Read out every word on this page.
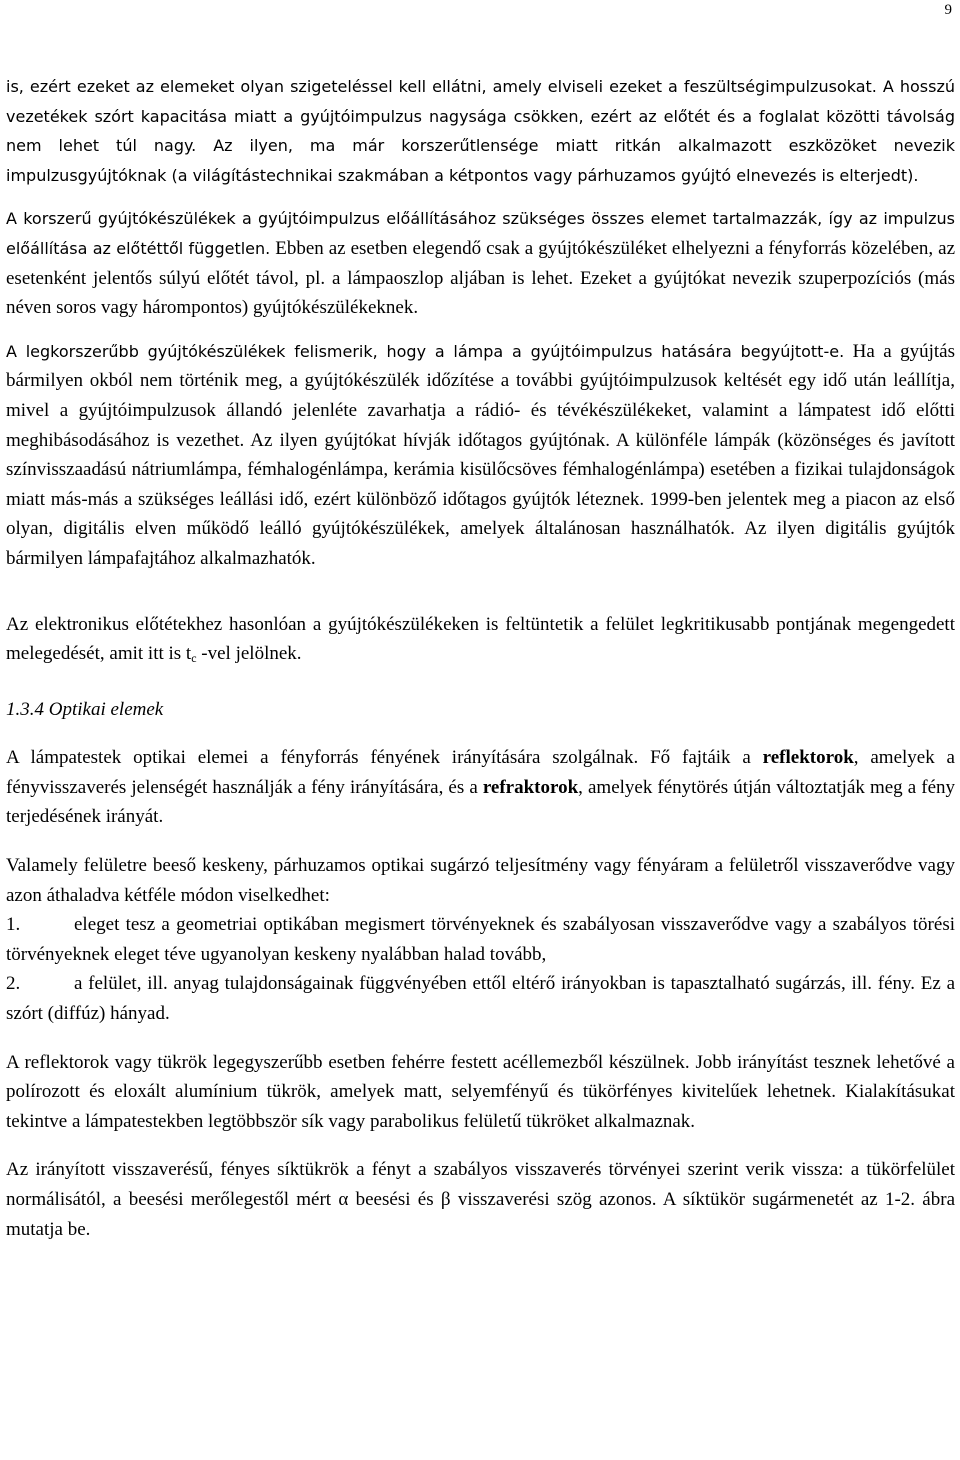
9

is, ezért ezeket az elemeket olyan szigeteléssel kell ellátni, amely elviseli ezeket a feszültségimpulzusokat. A hosszú vezetékek szórt kapacitása miatt a gyújtóimpulzus nagysága csökken, ezért az előtét és a foglalat közötti távolság nem lehet túl nagy. Az ilyen, ma már korszerűtlensége miatt ritkán alkalmazott eszközöket nevezik impulzusgyújtóknak (a világítástechnikai szakmában a kétpontos vagy párhuzamos gyújtó elnevezés is elterjedt).

A korszerű gyújtókészülékek a gyújtóimpulzus előállításához szükséges összes elemet tartalmazzák, így az impulzus előállítása az előtéttől független. Ebben az esetben elegendő csak a gyújtókészüléket elhelyezni a fényforrás közelében, az esetenként jelentős súlyú előtét távol, pl. a lámpaoszlop aljában is lehet. Ezeket a gyújtókat nevezik szuperpozíciós (más néven soros vagy hárompontos) gyújtókészülékeknek.

A legkorszerűbb gyújtókészülékek felismerik, hogy a lámpa a gyújtóimpulzus hatására begyújtott-e. Ha a gyújtás bármilyen okból nem történik meg, a gyújtókészülék időzítése a további gyújtóimpulzusok keltését egy idő után leállítja, mivel a gyújtóimpulzusok állandó jelenléte zavarhatja a rádió- és tévékészülékeket, valamint a lámpatest idő előtti meghibásodásához is vezethet. Az ilyen gyújtókat hívják időtagos gyújtónak. A különféle lámpák (közönséges és javított színvisszaadású nátriumlámpa, fémhalogénlámpa, kerámia kisülőcsöves fémhalogénlámpa) esetében a fizikai tulajdonságok miatt más-más a szükséges leállási idő, ezért különböző időtagos gyújtók léteznek. 1999-ben jelentek meg a piacon az első olyan, digitális elven működő leálló gyújtókészülékek, amelyek általánosan használhatók. Az ilyen digitális gyújtók bármilyen lámpafajtához alkalmazhatók.

Az elektronikus előtétekhez hasonlóan a gyújtókészülékeken is feltüntetik a felület legkritikusabb pontjának megengedett melegedését, amit itt is $t_c$ -vel jelölnek.

1.3.4 Optikai elemek

A lámpatestek optikai elemei a fényforrás fényének irányítására szolgálnak. Fő fajtáik a reflektorok, amelyek a fényvisszaverés jelenségét használják a fény irányítására, és a refraktorok, amelyek fénytörés útján változtatják meg a fény terjedésének irányát.

Valamely felületre beeső keskeny, párhuzamos optikai sugárzó teljesítmény vagy fényáram a felületről visszaverődve vagy azon áthaladva kétféle módon viselkedhet:

1.	eleget tesz a geometriai optikában megismert törvényeknek és szabályosan visszaverődve vagy a szabályos törési törvényeknek eleget téve ugyanolyan keskeny nyalábban halad tovább,

2.	a felület, ill. anyag tulajdonságainak függvényében ettől eltérő irányokban is tapasztalható sugárzás, ill. fény. Ez a szórt (diffúz) hányad.

A reflektorok vagy tükrök legegyszerűbb esetben fehérre festett acéllemezből készülnek. Jobb irányítást tesznek lehetővé a polírozott és eloxált alumínium tükrök, amelyek matt, selyemfényű és tükörfényes kivitelűek lehetnek. Kialakításukat tekintve a lámpatestekben legtöbbször sík vagy parabolikus felületű tükröket alkalmaznak.

Az irányított visszaverésű, fényes síktükrök a fényt a szabályos visszaverés törvényei szerint verik vissza: a tükörfelület normálisától, a beesési merőlegestől mért α beesési és β visszaverési szög azonos. A síktükör sugármenetét az 1-2. ábra mutatja be.
